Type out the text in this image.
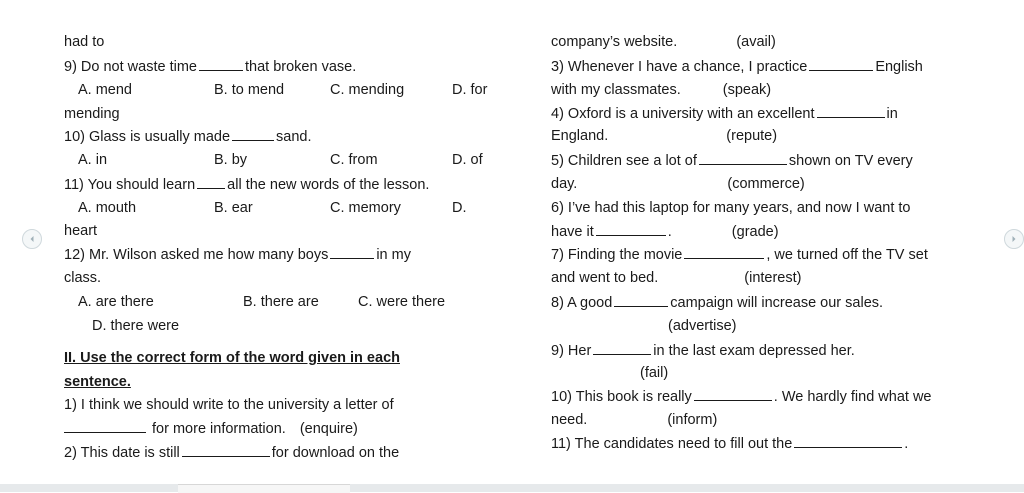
had to
9) Do not waste time	that broken vase.
A. mend	B. to mend	C. mending	D. for
mending
10) Glass is usually made	sand.
A. in	B. by	C. from	D. of
11) You should learn all the new words of the lesson.
A. mouth	B. ear	C. memory	D.
heart
12) Mr. Wilson asked me how many boys	in my
class.
A. are there	B. there are	C. were there
D. there were
II. Use the correct form of the word given in each
sentence.
1) I think we should write to the university a letter of
for more information. (enquire)
2) This date is still	for download on the
company’s website.	(avail)
3) Whenever I have a chance, I practice	English
with my classmates.	(speak)
4) Oxford is a university with an excellent	in
England.	(repute)
5) Children see a lot of	shown on TV every
day.	(commerce)
6) I’ve had this laptop for many years, and now I want to
have it	.	(grade)
7) Finding the movie	, we turned off the TV set
and went to bed.	(interest)
8) A good	campaign will increase our sales.
(advertise)
9) Her	in the last exam depressed her.
(fail)
10) This book is really	. We hardly find what we
need.	(inform)
11) The candidates need to fill out the	.
